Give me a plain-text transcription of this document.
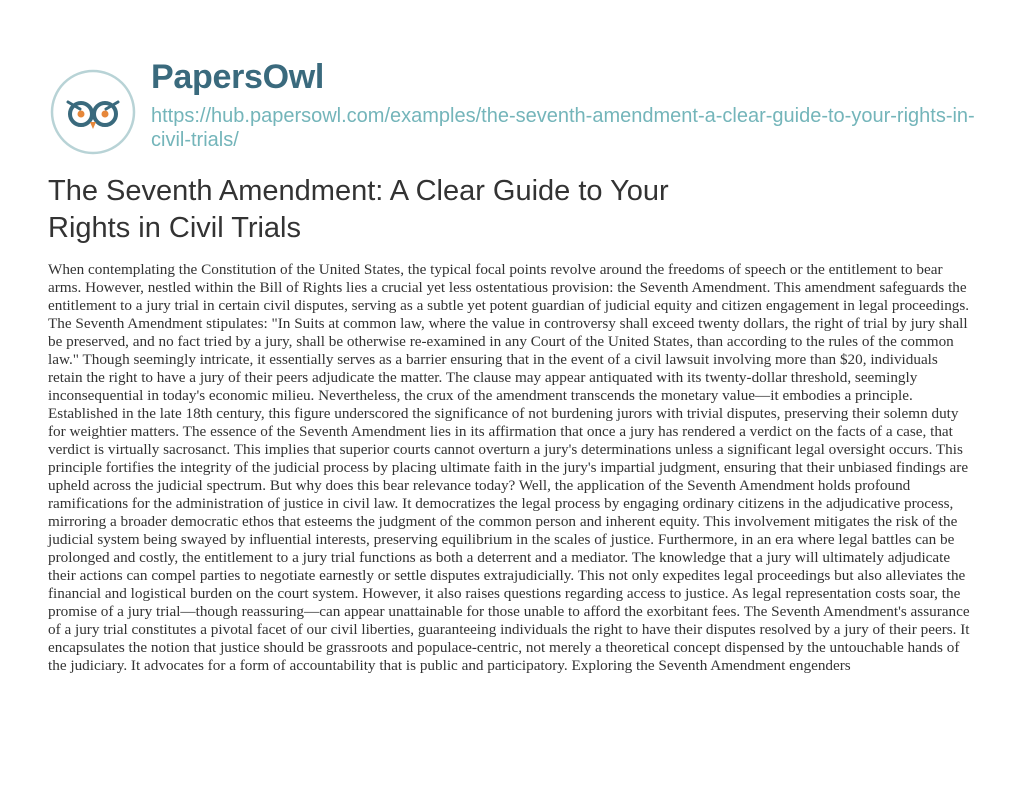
PapersOwl
https://hub.papersowl.com/examples/the-seventh-amendment-a-clear-guide-to-your-rights-in-civil-trials/
The Seventh Amendment: A Clear Guide to Your Rights in Civil Trials

When contemplating the Constitution of the United States, the typical focal points revolve around the freedoms of speech or the entitlement to bear arms. However, nestled within the Bill of Rights lies a crucial yet less ostentatious provision: the Seventh Amendment. This amendment safeguards the entitlement to a jury trial in certain civil disputes, serving as a subtle yet potent guardian of judicial equity and citizen engagement in legal proceedings. The Seventh Amendment stipulates: "In Suits at common law, where the value in controversy shall exceed twenty dollars, the right of trial by jury shall be preserved, and no fact tried by a jury, shall be otherwise re-examined in any Court of the United States, than according to the rules of the common law." Though seemingly intricate, it essentially serves as a barrier ensuring that in the event of a civil lawsuit involving more than $20, individuals retain the right to have a jury of their peers adjudicate the matter. The clause may appear antiquated with its twenty-dollar threshold, seemingly inconsequential in today's economic milieu. Nevertheless, the crux of the amendment transcends the monetary value—it embodies a principle. Established in the late 18th century, this figure underscored the significance of not burdening jurors with trivial disputes, preserving their solemn duty for weightier matters. The essence of the Seventh Amendment lies in its affirmation that once a jury has rendered a verdict on the facts of a case, that verdict is virtually sacrosanct. This implies that superior courts cannot overturn a jury's determinations unless a significant legal oversight occurs. This principle fortifies the integrity of the judicial process by placing ultimate faith in the jury's impartial judgment, ensuring that their unbiased findings are upheld across the judicial spectrum. But why does this bear relevance today? Well, the application of the Seventh Amendment holds profound ramifications for the administration of justice in civil law. It democratizes the legal process by engaging ordinary citizens in the adjudicative process, mirroring a broader democratic ethos that esteems the judgment of the common person and inherent equity. This involvement mitigates the risk of the judicial system being swayed by influential interests, preserving equilibrium in the scales of justice. Furthermore, in an era where legal battles can be prolonged and costly, the entitlement to a jury trial functions as both a deterrent and a mediator. The knowledge that a jury will ultimately adjudicate their actions can compel parties to negotiate earnestly or settle disputes extrajudicially. This not only expedites legal proceedings but also alleviates the financial and logistical burden on the court system. However, it also raises questions regarding access to justice. As legal representation costs soar, the promise of a jury trial—though reassuring—can appear unattainable for those unable to afford the exorbitant fees. The Seventh Amendment's assurance of a jury trial constitutes a pivotal facet of our civil liberties, guaranteeing individuals the right to have their disputes resolved by a jury of their peers. It encapsulates the notion that justice should be grassroots and populace-centric, not merely a theoretical concept dispensed by the untouchable hands of the judiciary. It advocates for a form of accountability that is public and participatory. Exploring the Seventh Amendment engenders
